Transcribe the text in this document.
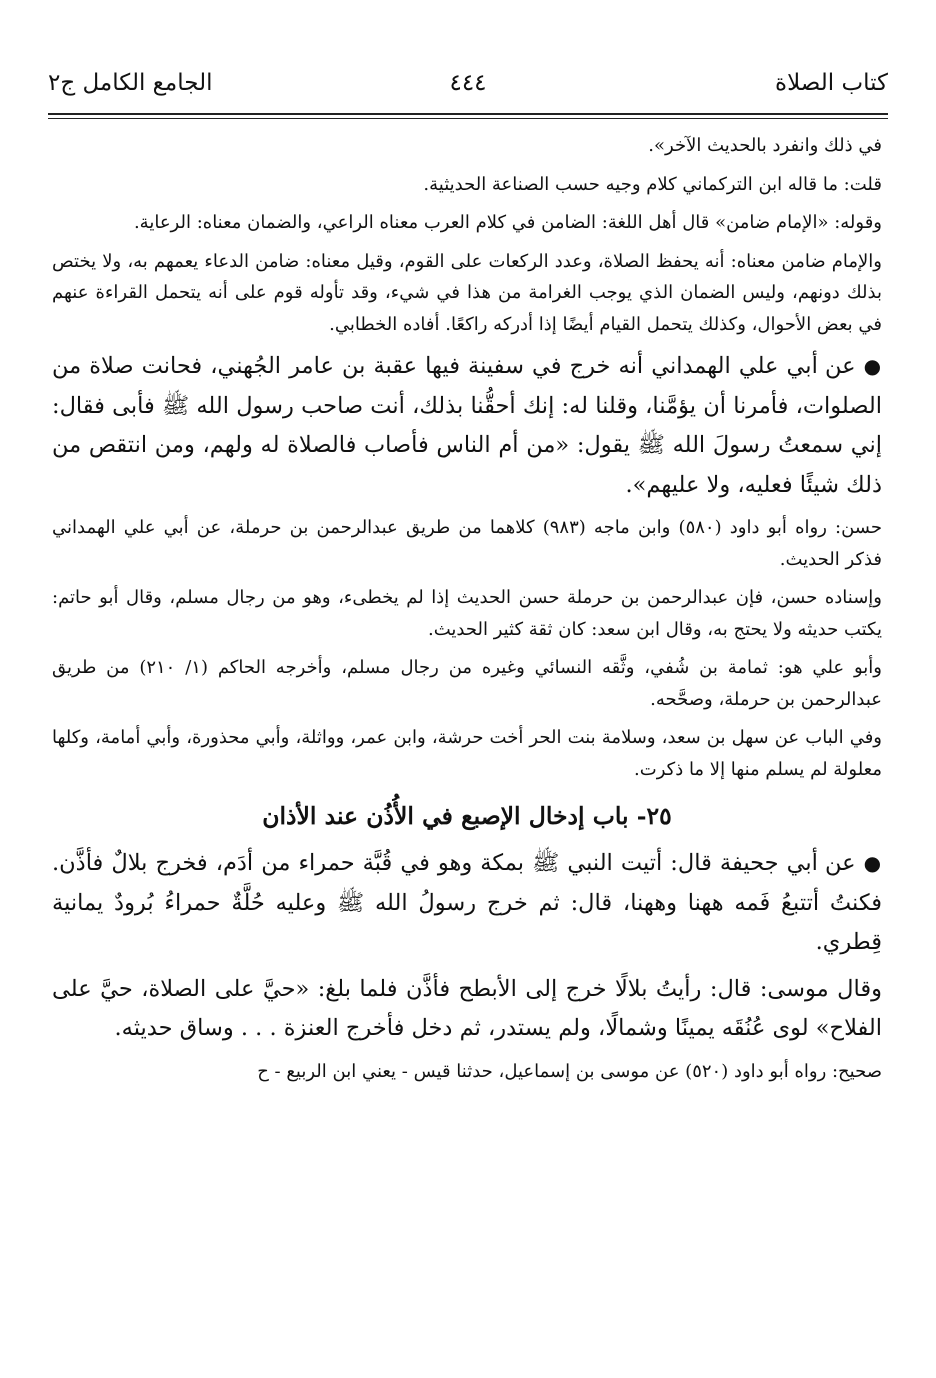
كتاب الصلاة
٤٤٤
الجامع الكامل ج٢

في ذلك وانفرد بالحديث الآخر».

قلت: ما قاله ابن التركماني كلام وجيه حسب الصناعة الحديثية.

وقوله: «الإمام ضامن» قال أهل اللغة: الضامن في كلام العرب معناه الراعي، والضمان معناه: الرعاية.

والإمام ضامن معناه: أنه يحفظ الصلاة، وعدد الركعات على القوم، وقيل معناه: ضامن الدعاء يعمهم به، ولا يختص بذلك دونهم، وليس الضمان الذي يوجب الغرامة من هذا في شيء، وقد تأوله قوم على أنه يتحمل القراءة عنهم في بعض الأحوال، وكذلك يتحمل القيام أيضًا إذا أدركه راكعًا. أفاده الخطابي.

● عن أبي علي الهمداني أنه خرج في سفينة فيها عقبة بن عامر الجُهني، فحانت صلاة من الصلوات، فأمرنا أن يؤمَّنا، وقلنا له: إنك أحقُّنا بذلك، أنت صاحب رسول الله ﷺ فأبى فقال: إني سمعتُ رسولَ الله ﷺ يقول: «من أم الناس فأصاب فالصلاة له ولهم، ومن انتقص من ذلك شيئًا فعليه، ولا عليهم».

حسن: رواه أبو داود (٥٨٠) وابن ماجه (٩٨٣) كلاهما من طريق عبدالرحمن بن حرملة، عن أبي علي الهمداني فذكر الحديث.

وإسناده حسن، فإن عبدالرحمن بن حرملة حسن الحديث إذا لم يخطىء، وهو من رجال مسلم، وقال أبو حاتم: يكتب حديثه ولا يحتج به، وقال ابن سعد: كان ثقة كثير الحديث.

وأبو علي هو: ثمامة بن شُفي، وثَّقه النسائي وغيره من رجال مسلم، وأخرجه الحاكم (١/ ٢١٠) من طريق عبدالرحمن بن حرملة، وصحَّحه.

وفي الباب عن سهل بن سعد، وسلامة بنت الحر أخت حرشة، وابن عمر، وواثلة، وأبي محذورة، وأبي أمامة، وكلها معلولة لم يسلم منها إلا ما ذكرت.

٢٥- باب إدخال الإصبع في الأُذُن عند الأذان

● عن أبي جحيفة قال: أتيت النبي ﷺ بمكة وهو في قُبَّة حمراء من أدَم، فخرج بلالٌ فأذَّن. فكنتُ أتتبعُ فَمه ههنا وههنا، قال: ثم خرج رسولُ الله ﷺ وعليه حُلَّةٌ حمراءُ بُرودٌ يمانية قِطري.

وقال موسى: قال: رأيتُ بلالًا خرج إلى الأبطح فأذَّن فلما بلغ: «حيَّ على الصلاة، حيَّ على الفلاح» لوى عُنُقَه يمينًا وشمالًا، ولم يستدر، ثم دخل فأخرج العنزة . . . وساق حديثه.

صحيح: رواه أبو داود (٥٢٠) عن موسى بن إسماعيل، حدثنا قيس - يعني ابن الربيع - ح
